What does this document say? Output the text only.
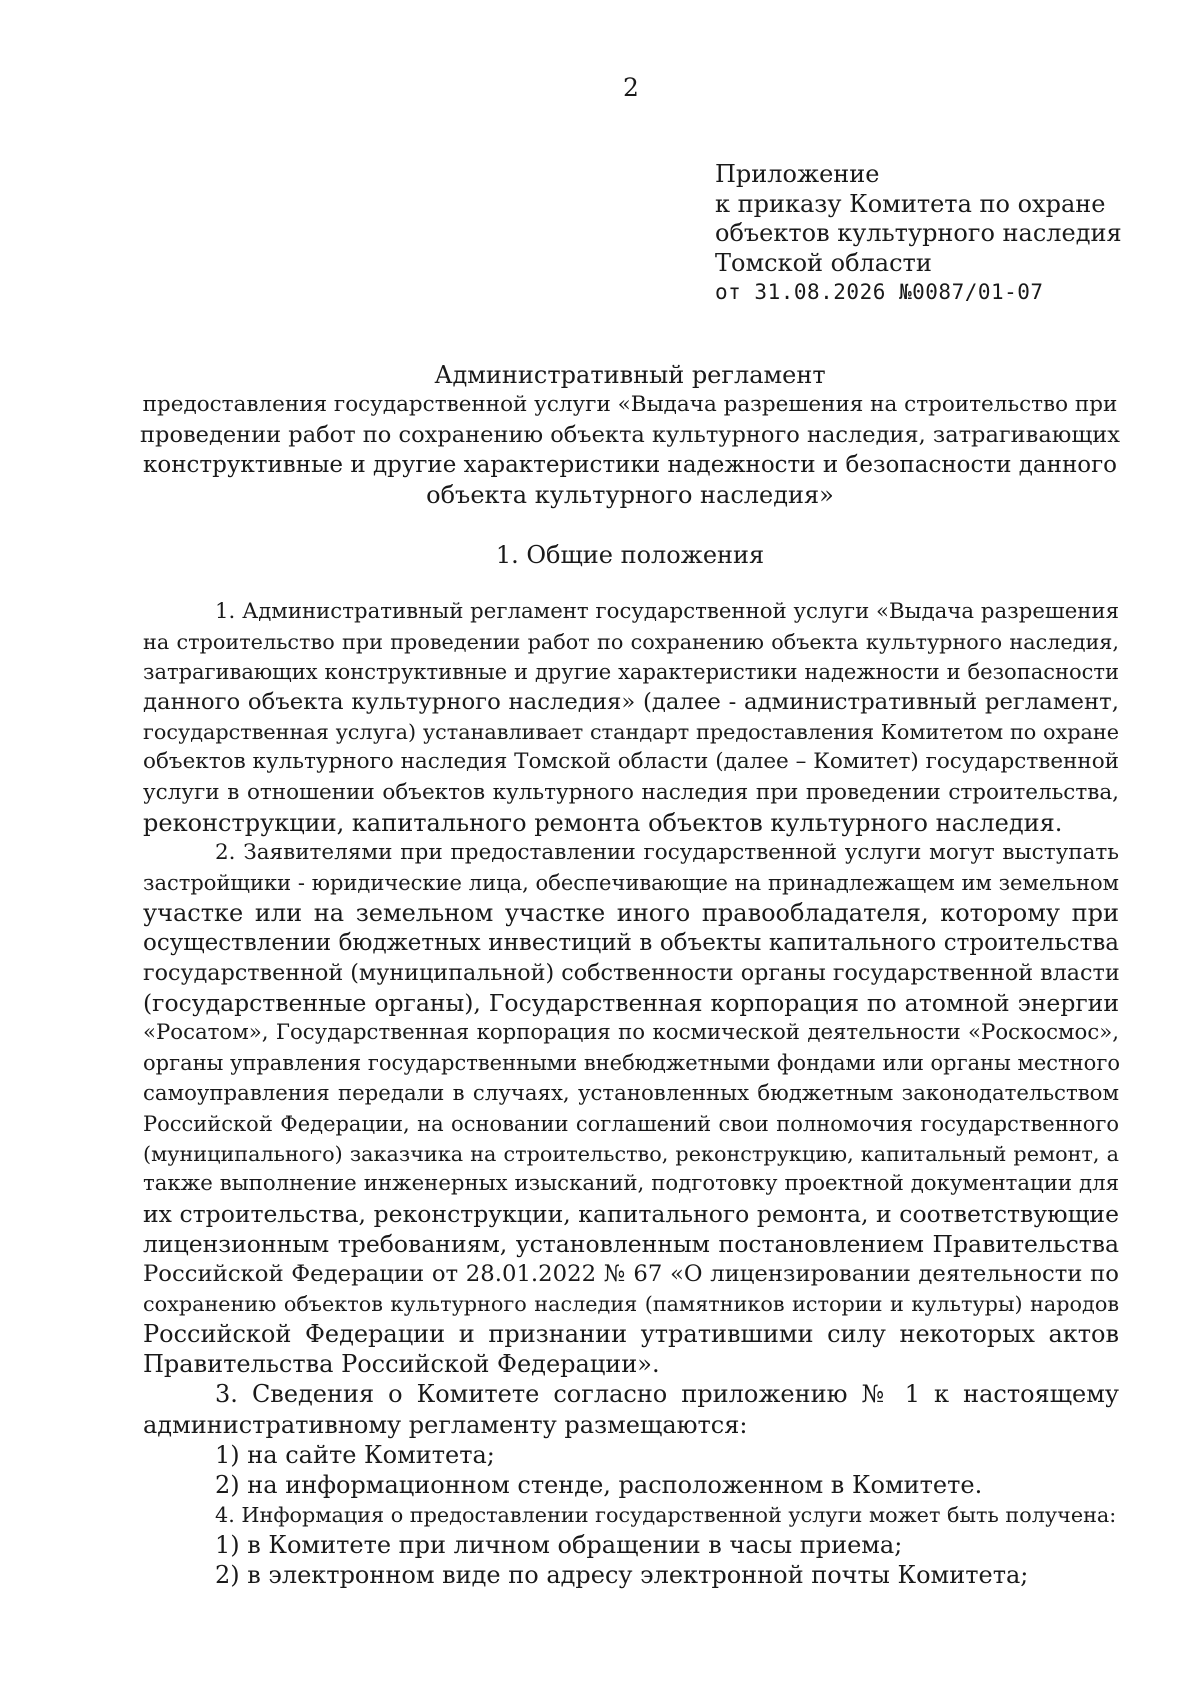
2
Приложение
к приказу Комитета по охране
объектов культурного наследия
Томской области
от 31.08.2026 №0087/01-07
Административный регламент
предоставления государственной услуги «Выдача разрешения на строительство при
проведении работ по сохранению объекта культурного наследия, затрагивающих
конструктивные и другие характеристики надежности и безопасности данного
объекта культурного наследия»
1. Общие положения
1. Административный регламент государственной услуги «Выдача разрешения
на строительство при проведении работ по сохранению объекта культурного наследия,
затрагивающих конструктивные и другие характеристики надежности и безопасности
данного объекта культурного наследия» (далее - административный регламент,
государственная услуга) устанавливает стандарт предоставления Комитетом по охране
объектов культурного наследия Томской области (далее – Комитет) государственной
услуги в отношении объектов культурного наследия при проведении строительства,
реконструкции, капитального ремонта объектов культурного наследия.
2. Заявителями при предоставлении государственной услуги могут выступать
застройщики - юридические лица, обеспечивающие на принадлежащем им земельном
участке или на земельном участке иного правообладателя, которому при
осуществлении бюджетных инвестиций в объекты капитального строительства
государственной (муниципальной) собственности органы государственной власти
(государственные органы), Государственная корпорация по атомной энергии
«Росатом», Государственная корпорация по космической деятельности «Роскосмос»,
органы управления государственными внебюджетными фондами или органы местного
самоуправления передали в случаях, установленных бюджетным законодательством
Российской Федерации, на основании соглашений свои полномочия государственного
(муниципального) заказчика на строительство, реконструкцию, капитальный ремонт, а
также выполнение инженерных изысканий, подготовку проектной документации для
их строительства, реконструкции, капитального ремонта, и соответствующие
лицензионным требованиям, установленным постановлением Правительства
Российской Федерации от 28.01.2022 № 67 «О лицензировании деятельности по
сохранению объектов культурного наследия (памятников истории и культуры) народов
Российской Федерации и признании утратившими силу некоторых актов
Правительства Российской Федерации».
3. Сведения о Комитете согласно приложению № 1 к настоящему
административному регламенту размещаются:
1) на сайте Комитета;
2) на информационном стенде, расположенном в Комитете.
4. Информация о предоставлении государственной услуги может быть получена:
1) в Комитете при личном обращении в часы приема;
2) в электронном виде по адресу электронной почты Комитета;
